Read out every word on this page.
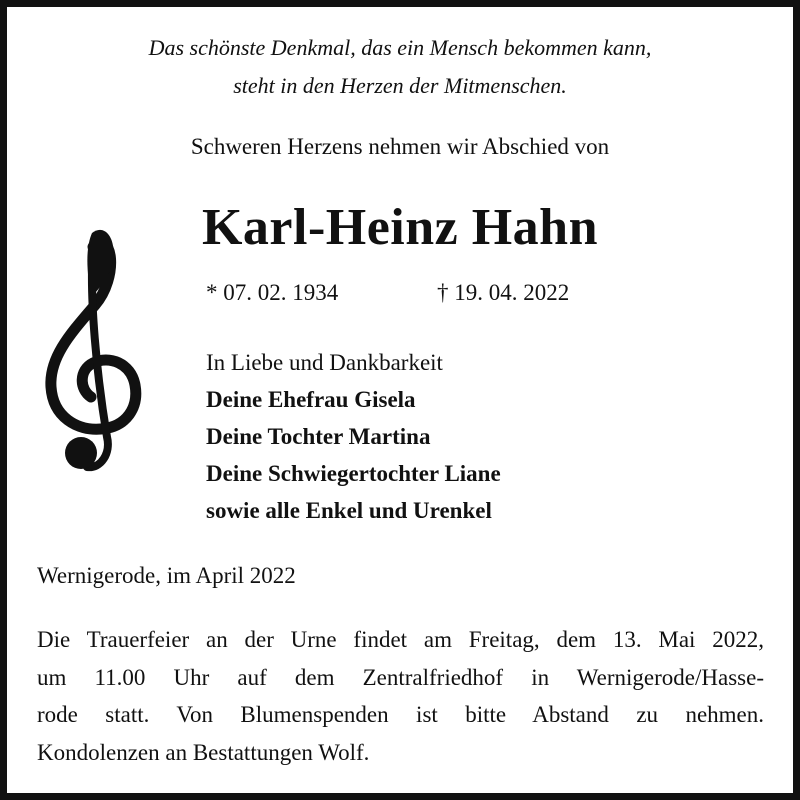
Das schönste Denkmal, das ein Mensch bekommen kann,
steht in den Herzen der Mitmenschen.
Schweren Herzens nehmen wir Abschied von
Karl-Heinz Hahn
* 07. 02. 1934	† 19. 04. 2022
In Liebe und Dankbarkeit
Deine Ehefrau Gisela
Deine Tochter Martina
Deine Schwiegertochter Liane
sowie alle Enkel und Urenkel
Wernigerode, im April 2022
Die Trauerfeier an der Urne findet am Freitag, dem 13. Mai 2022,
um 11.00 Uhr auf dem Zentralfriedhof in Wernigerode/Hasse-
rode statt. Von Blumenspenden ist bitte Abstand zu nehmen.
Kondolenzen an Bestattungen Wolf.
